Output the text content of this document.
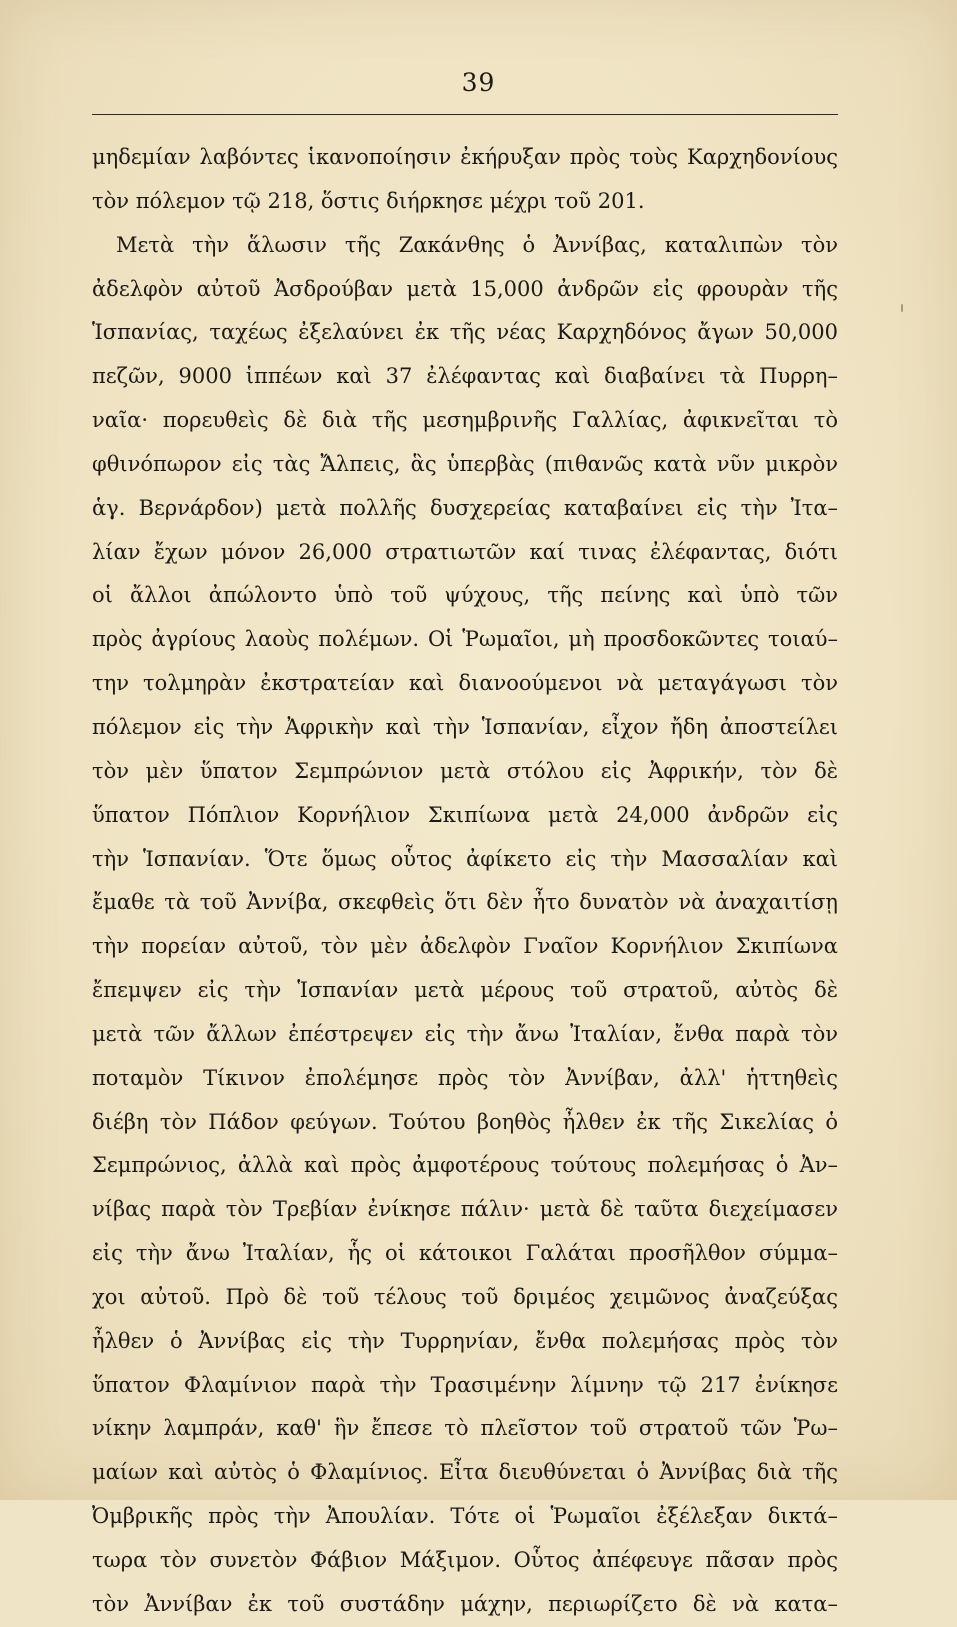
39
μηδεμίαν λαβόντες ἱκανοποίησιν ἐκήρυξαν πρὸς τοὺς Καρχηδονίους
τὸν πόλεμον τῷ 218, ὅστις διήρκησε μέχρι τοῦ 201.
Μετὰ τὴν ἅλωσιν τῆς Ζακάνθης ὁ Ἀννίβας, καταλιπὼν τὸν
ἀδελφὸν αὐτοῦ Ἀσδρούβαν μετὰ 15,000 ἀνδρῶν εἰς φρουρὰν τῆς
Ἱσπανίας, ταχέως ἐξελαύνει ἐκ τῆς νέας Καρχηδόνος ἄγων 50,000
πεζῶν, 9000 ἱππέων καὶ 37 ἐλέφαντας καὶ διαβαίνει τὰ Πυρρη–
ναῖα· πορευθεὶς δὲ διὰ τῆς μεσημβρινῆς Γαλλίας, ἀφικνεῖται τὸ
φθινόπωρον εἰς τὰς Ἄλπεις, ἃς ὑπερβὰς (πιθανῶς κατὰ νῦν μικρὸν
ἁγ. Βερνάρδον) μετὰ πολλῆς δυσχερείας καταβαίνει εἰς τὴν Ἰτα–
λίαν ἔχων μόνον 26,000 στρατιωτῶν καί τινας ἐλέφαντας, διότι
οἱ ἄλλοι ἀπώλοντο ὑπὸ τοῦ ψύχους, τῆς πείνης καὶ ὑπὸ τῶν
πρὸς ἀγρίους λαοὺς πολέμων. Οἱ Ῥωμαῖοι, μὴ προσδοκῶντες τοιαύ–
την τολμηρὰν ἐκστρατείαν καὶ διανοούμενοι νὰ μεταγάγωσι τὸν
πόλεμον εἰς τὴν Ἀφρικὴν καὶ τὴν Ἱσπανίαν, εἶχον ἤδη ἀποστείλει
τὸν μὲν ὕπατον Σεμπρώνιον μετὰ στόλου εἰς Ἀφρικήν, τὸν δὲ
ὕπατον Πόπλιον Κορνήλιον Σκιπίωνα μετὰ 24,000 ἀνδρῶν εἰς
τὴν Ἱσπανίαν. Ὅτε ὅμως οὗτος ἀφίκετο εἰς τὴν Μασσαλίαν καὶ
ἔμαθε τὰ τοῦ Ἀννίβα, σκεφθεὶς ὅτι δὲν ἦτο δυνατὸν νὰ ἀναχαιτίσῃ
τὴν πορείαν αὐτοῦ, τὸν μὲν ἀδελφὸν Γναῖον Κορνήλιον Σκιπίωνα
ἔπεμψεν εἰς τὴν Ἱσπανίαν μετὰ μέρους τοῦ στρατοῦ, αὐτὸς δὲ
μετὰ τῶν ἄλλων ἐπέστρεψεν εἰς τὴν ἄνω Ἰταλίαν, ἔνθα παρὰ τὸν
ποταμὸν Τίκινον ἐπολέμησε πρὸς τὸν Ἀννίβαν, ἀλλ' ἡττηθεὶς
διέβη τὸν Πάδον φεύγων. Τούτου βοηθὸς ἦλθεν ἐκ τῆς Σικελίας ὁ
Σεμπρώνιος, ἀλλὰ καὶ πρὸς ἀμφοτέρους τούτους πολεμήσας ὁ Ἀν–
νίβας παρὰ τὸν Τρεβίαν ἐνίκησε πάλιν· μετὰ δὲ ταῦτα διεχείμασεν
εἰς τὴν ἄνω Ἰταλίαν, ἧς οἱ κάτοικοι Γαλάται προσῆλθον σύμμα–
χοι αὐτοῦ. Πρὸ δὲ τοῦ τέλους τοῦ δριμέος χειμῶνος ἀναζεύξας
ἦλθεν ὁ Ἀννίβας εἰς τὴν Τυρρηνίαν, ἔνθα πολεμήσας πρὸς τὸν
ὕπατον Φλαμίνιον παρὰ τὴν Τρασιμένην λίμνην τῷ 217 ἐνίκησε
νίκην λαμπράν, καθ' ἣν ἔπεσε τὸ πλεῖστον τοῦ στρατοῦ τῶν Ῥω–
μαίων καὶ αὐτὸς ὁ Φλαμίνιος. Εἶτα διευθύνεται ὁ Ἀννίβας διὰ τῆς
Ὀμβρικῆς πρὸς τὴν Ἀπουλίαν. Τότε οἱ Ῥωμαῖοι ἐξέλεξαν δικτά–
τωρα τὸν συνετὸν Φάβιον Μάξιμον. Οὗτος ἀπέφευγε πᾶσαν πρὸς
τὸν Ἀννίβαν ἐκ τοῦ συστάδην μάχην, περιωρίζετο δὲ νὰ κατα–
